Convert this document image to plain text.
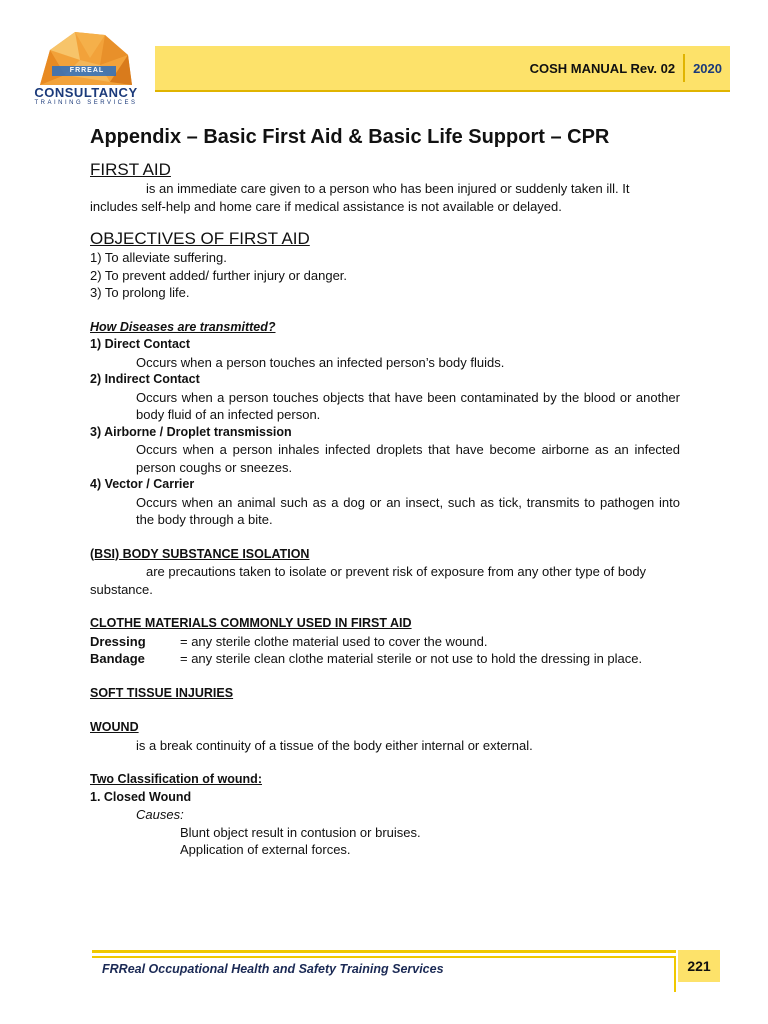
COSH MANUAL Rev. 02	2020
FRREAL
CONSULTANCY
TRAINING SERVICES
Appendix – Basic First Aid & Basic Life Support – CPR
FIRST AID
is an immediate care given to a person who has been injured or suddenly taken ill. It includes self-help and home care if medical assistance is not available or delayed.
OBJECTIVES OF FIRST AID
1) To alleviate suffering.
2) To prevent added/ further injury or danger.
3) To prolong life.
How Diseases are transmitted?
1) Direct Contact
Occurs when a person touches an infected person’s body fluids.
2) Indirect Contact
Occurs when a person touches objects that have been contaminated by the blood or another body fluid of an infected person.
3) Airborne / Droplet transmission
Occurs when a person inhales infected droplets that have become airborne as an infected person coughs or sneezes.
4) Vector / Carrier
Occurs when an animal such as a dog or an insect, such as tick, transmits to pathogen into the body through a bite.
(BSI) BODY SUBSTANCE ISOLATION
are precautions taken to isolate or prevent risk of exposure from any other type of body substance.
CLOTHE MATERIALS COMMONLY USED IN FIRST AID
Dressing	= any sterile clothe material used to cover the wound.
Bandage	= any sterile clean clothe material sterile or not use to hold the dressing in place.
SOFT TISSUE INJURIES
WOUND
is a break continuity of a tissue of the body either internal or external.
Two Classification of wound:
1. Closed Wound
Causes:
Blunt object result in contusion or bruises.
Application of external forces.
FRReal Occupational Health and Safety Training Services	221
